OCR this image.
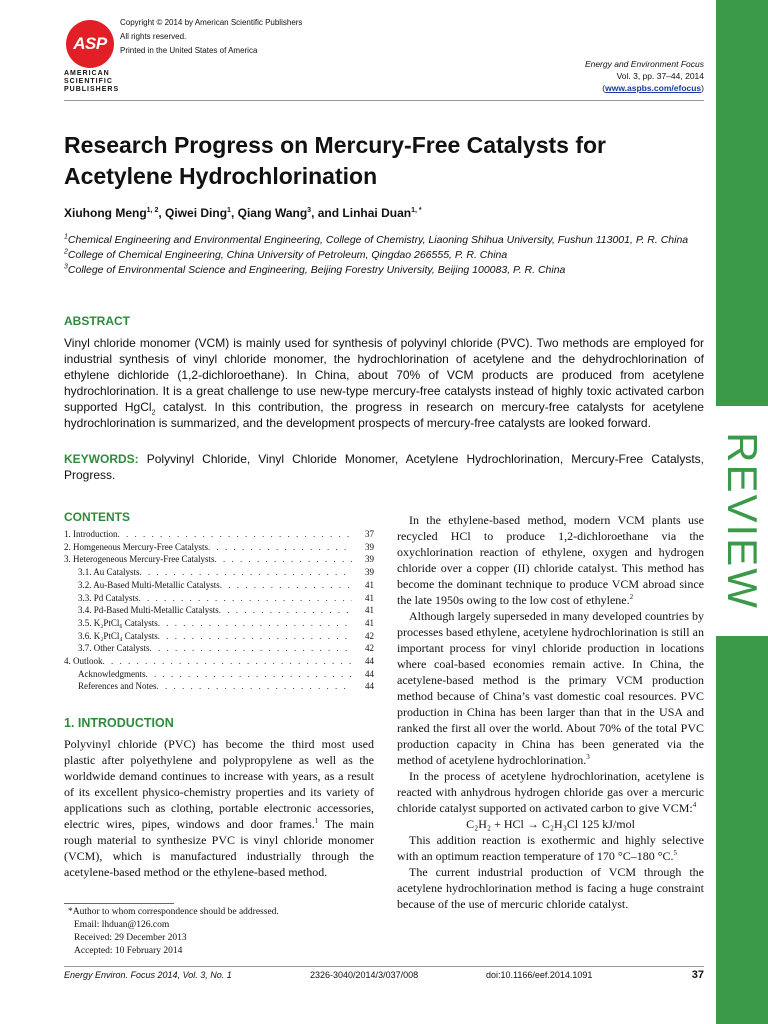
ASP
AMERICAN
SCIENTIFIC
PUBLISHERS
Copyright © 2014 by American Scientific Publishers
All rights reserved.
Printed in the United States of America
Energy and Environment Focus
Vol. 3, pp. 37–44, 2014
(www.aspbs.com/efocus)
REVIEW
Research Progress on Mercury-Free Catalysts for Acetylene Hydrochlorination
Xiuhong Meng$^{1, 2}$, Qiwei Ding$^1$, Qiang Wang$^3$, and Linhai Duan$^{1, *}$

$^1$Chemical Engineering and Environmental Engineering, College of Chemistry, Liaoning Shihua University, Fushun 113001, P. R. China

$^2$College of Chemical Engineering, China University of Petroleum, Qingdao 266555, P. R. China

$^3$College of Environmental Science and Engineering, Beijing Forestry University, Beijing 100083, P. R. China

ABSTRACT
Vinyl chloride monomer (VCM) is mainly used for synthesis of polyvinyl chloride (PVC). Two methods are employed for industrial synthesis of vinyl chloride monomer, the hydrochlorination of acetylene and the dehydrochlorination of ethylene dichloride (1,2-dichloroethane). In China, about 70% of VCM products are produced from acetylene hydrochlorination. It is a great challenge to use new-type mercury-free catalysts instead of highly toxic activated carbon supported HgCl$_2$ catalyst. In this contribution, the progress in research on mercury-free catalysts for acetylene hydrochlorination is summarized, and the development prospects of mercury-free catalysts are looked forward.
KEYWORDS: Polyvinyl Chloride, Vinyl Chloride Monomer, Acetylene Hydrochlorination, Mercury-Free Catalysts, Progress.
CONTENTS
1. Introduction . . .	37
2. Homgeneous Mercury-Free Catalysts . . .	39
3. Heterogeneous Mercury-Free Catalysts . . .	39
3.1. Au Catalysts . . .	39
3.2. Au-Based Multi-Metallic Catalysts . . .	41
3.3. Pd Catalysts . . .	41
3.4. Pd-Based Multi-Metallic Catalysts . . .	41
3.5. K₂PtCl₆ Catalysts . . .	41
3.6. K₂PtCl₄ Catalysts . . .	42
3.7. Other Catalysts . . .	42
4. Outlook . . .	44
Acknowledgments . . .	44
References and Notes . . .	44
1. INTRODUCTION

Polyvinyl chloride (PVC) has become the third most used plastic after polyethylene and polypropylene as well as the worldwide demand continues to increase with years, as a result of its excellent physico-chemistry properties and its variety of applications such as clothing, portable electronic accessories, electric wires, pipes, windows and door frames.$^1$ The main rough material to synthesize PVC is vinyl chloride monomer (VCM), which is manufactured industrially through the acetylene-based method or the ethylene-based method.

*Author to whom correspondence should be addressed.
Email: lhduan@126.com
Received: 29 December 2013
Accepted: 10 February 2014

In the ethylene-based method, modern VCM plants use recycled HCl to produce 1,2-dichloroethane via the oxychlorination reaction of ethylene, oxygen and hydrogen chloride over a copper (II) chloride catalyst. This method has become the dominant technique to produce VCM abroad since the late 1950s owing to the low cost of ethylene.$^2$

Although largely superseded in many developed countries by processes based ethylene, acetylene hydrochlorination is still an important process for vinyl chloride production in locations where coal-based economies remain active. In China, the acetylene-based method is the primary VCM production method because of China’s vast domestic coal resources. PVC production in China has been larger than that in the USA and ranked the first all over the world. About 70% of the total PVC production capacity in China has been generated via the method of acetylene hydrochlorination.$^3$

In the process of acetylene hydrochlorination, acetylene is reacted with anhydrous hydrogen chloride gas over a mercuric chloride catalyst supported on activated carbon to give VCM:$^4$

C₂H₂ + HCl → C₂H₃Cl 125 kJ/mol

This addition reaction is exothermic and highly selective with an optimum reaction temperature of 170 °C–180 °C.$^5$

The current industrial production of VCM through the acetylene hydrochlorination method is facing a huge constraint because of the use of mercuric chloride catalyst.

Energy Environ. Focus 2014, Vol. 3, No. 1	2326-3040/2014/3/037/008	doi:10.1166/eef.2014.1091	37
